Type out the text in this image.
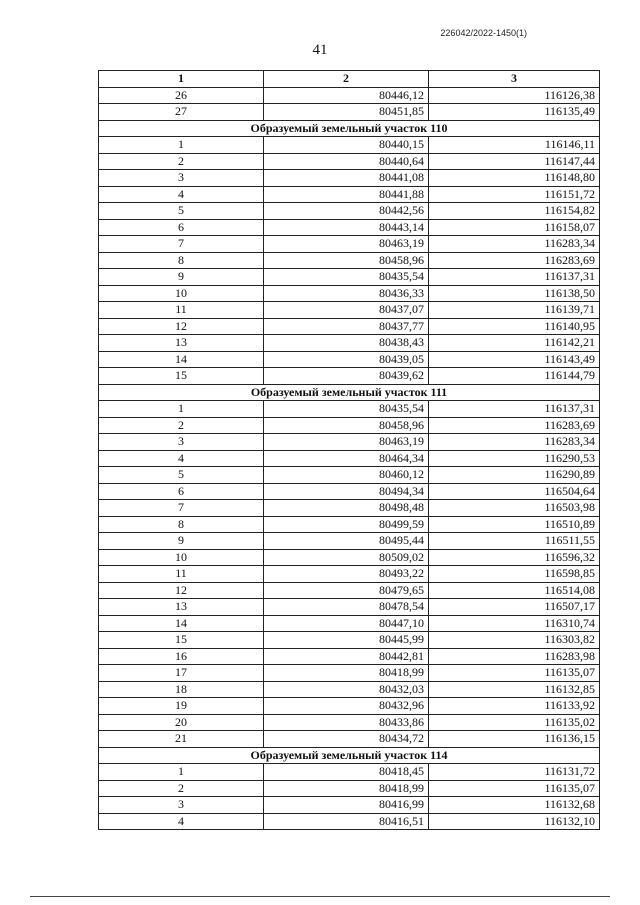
226042/2022-1450(1)
41
1	2	3
26	80446,12	116126,38
27	80451,85	116135,49
Образуемый земельный участок 110		
1	80440,15	116146,11
2	80440,64	116147,44
3	80441,08	116148,80
4	80441,88	116151,72
5	80442,56	116154,82
6	80443,14	116158,07
7	80463,19	116283,34
8	80458,96	116283,69
9	80435,54	116137,31
10	80436,33	116138,50
11	80437,07	116139,71
12	80437,77	116140,95
13	80438,43	116142,21
14	80439,05	116143,49
15	80439,62	116144,79
Образуемый земельный участок 111		
1	80435,54	116137,31
2	80458,96	116283,69
3	80463,19	116283,34
4	80464,34	116290,53
5	80460,12	116290,89
6	80494,34	116504,64
7	80498,48	116503,98
8	80499,59	116510,89
9	80495,44	116511,55
10	80509,02	116596,32
11	80493,22	116598,85
12	80479,65	116514,08
13	80478,54	116507,17
14	80447,10	116310,74
15	80445,99	116303,82
16	80442,81	116283,98
17	80418,99	116135,07
18	80432,03	116132,85
19	80432,96	116133,92
20	80433,86	116135,02
21	80434,72	116136,15
Образуемый земельный участок 114		
1	80418,45	116131,72
2	80418,99	116135,07
3	80416,99	116132,68
4	80416,51	116132,10
